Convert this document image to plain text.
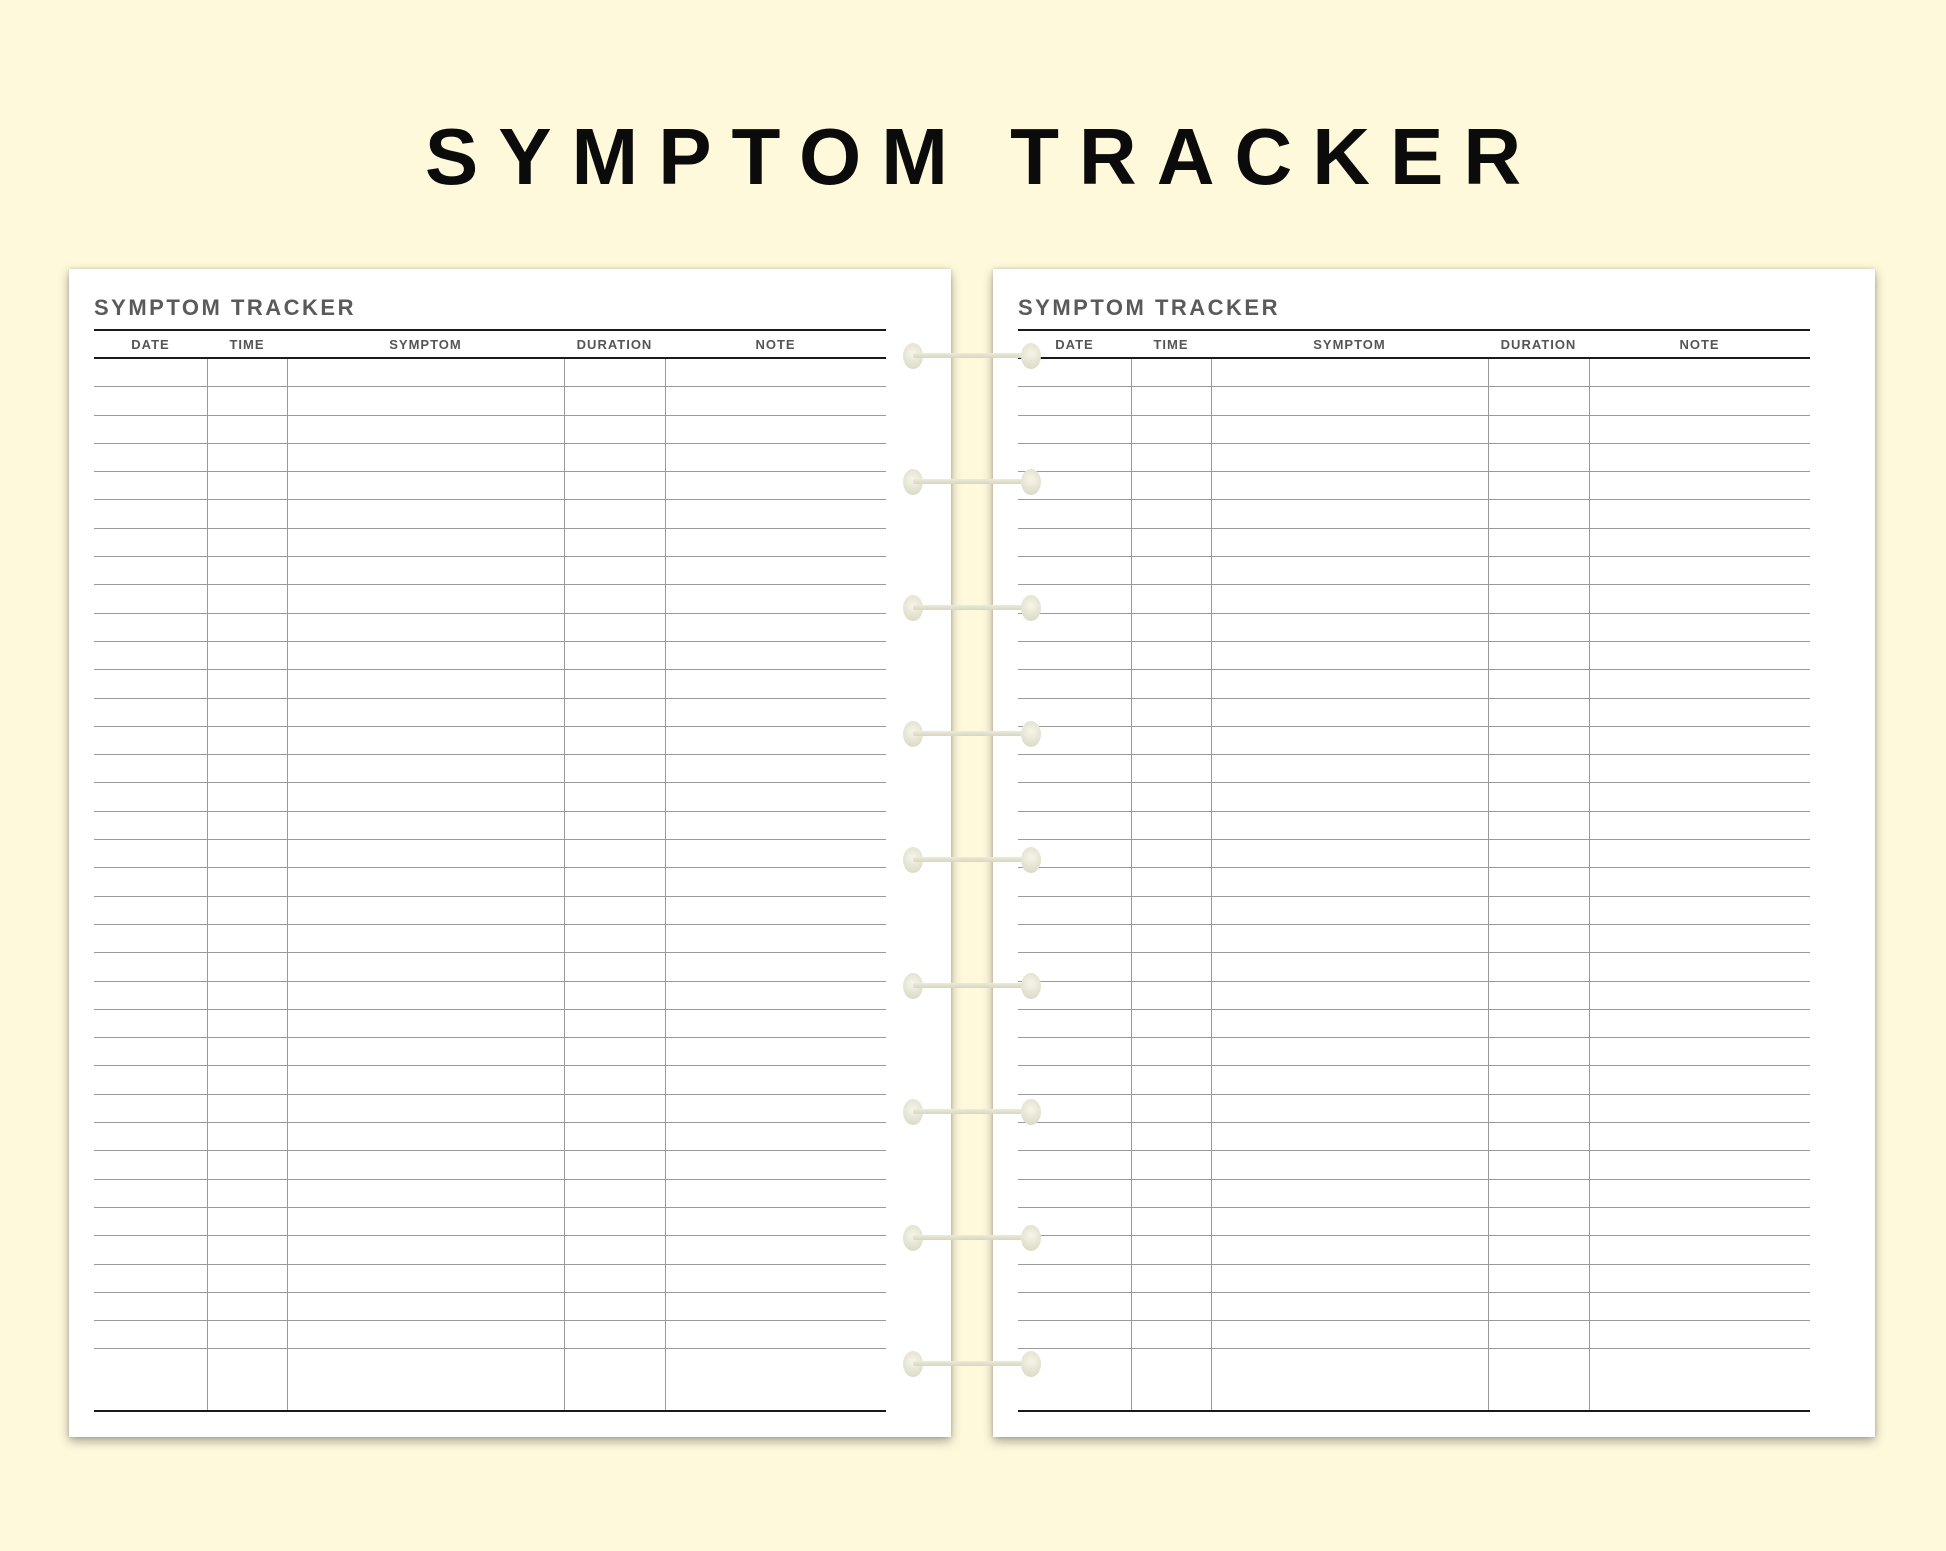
SYMPTOM TRACKER
SYMPTOM TRACKER
DATE	TIME	SYMPTOM	DURATION	NOTE
SYMPTOM TRACKER
DATE	TIME	SYMPTOM	DURATION	NOTE
